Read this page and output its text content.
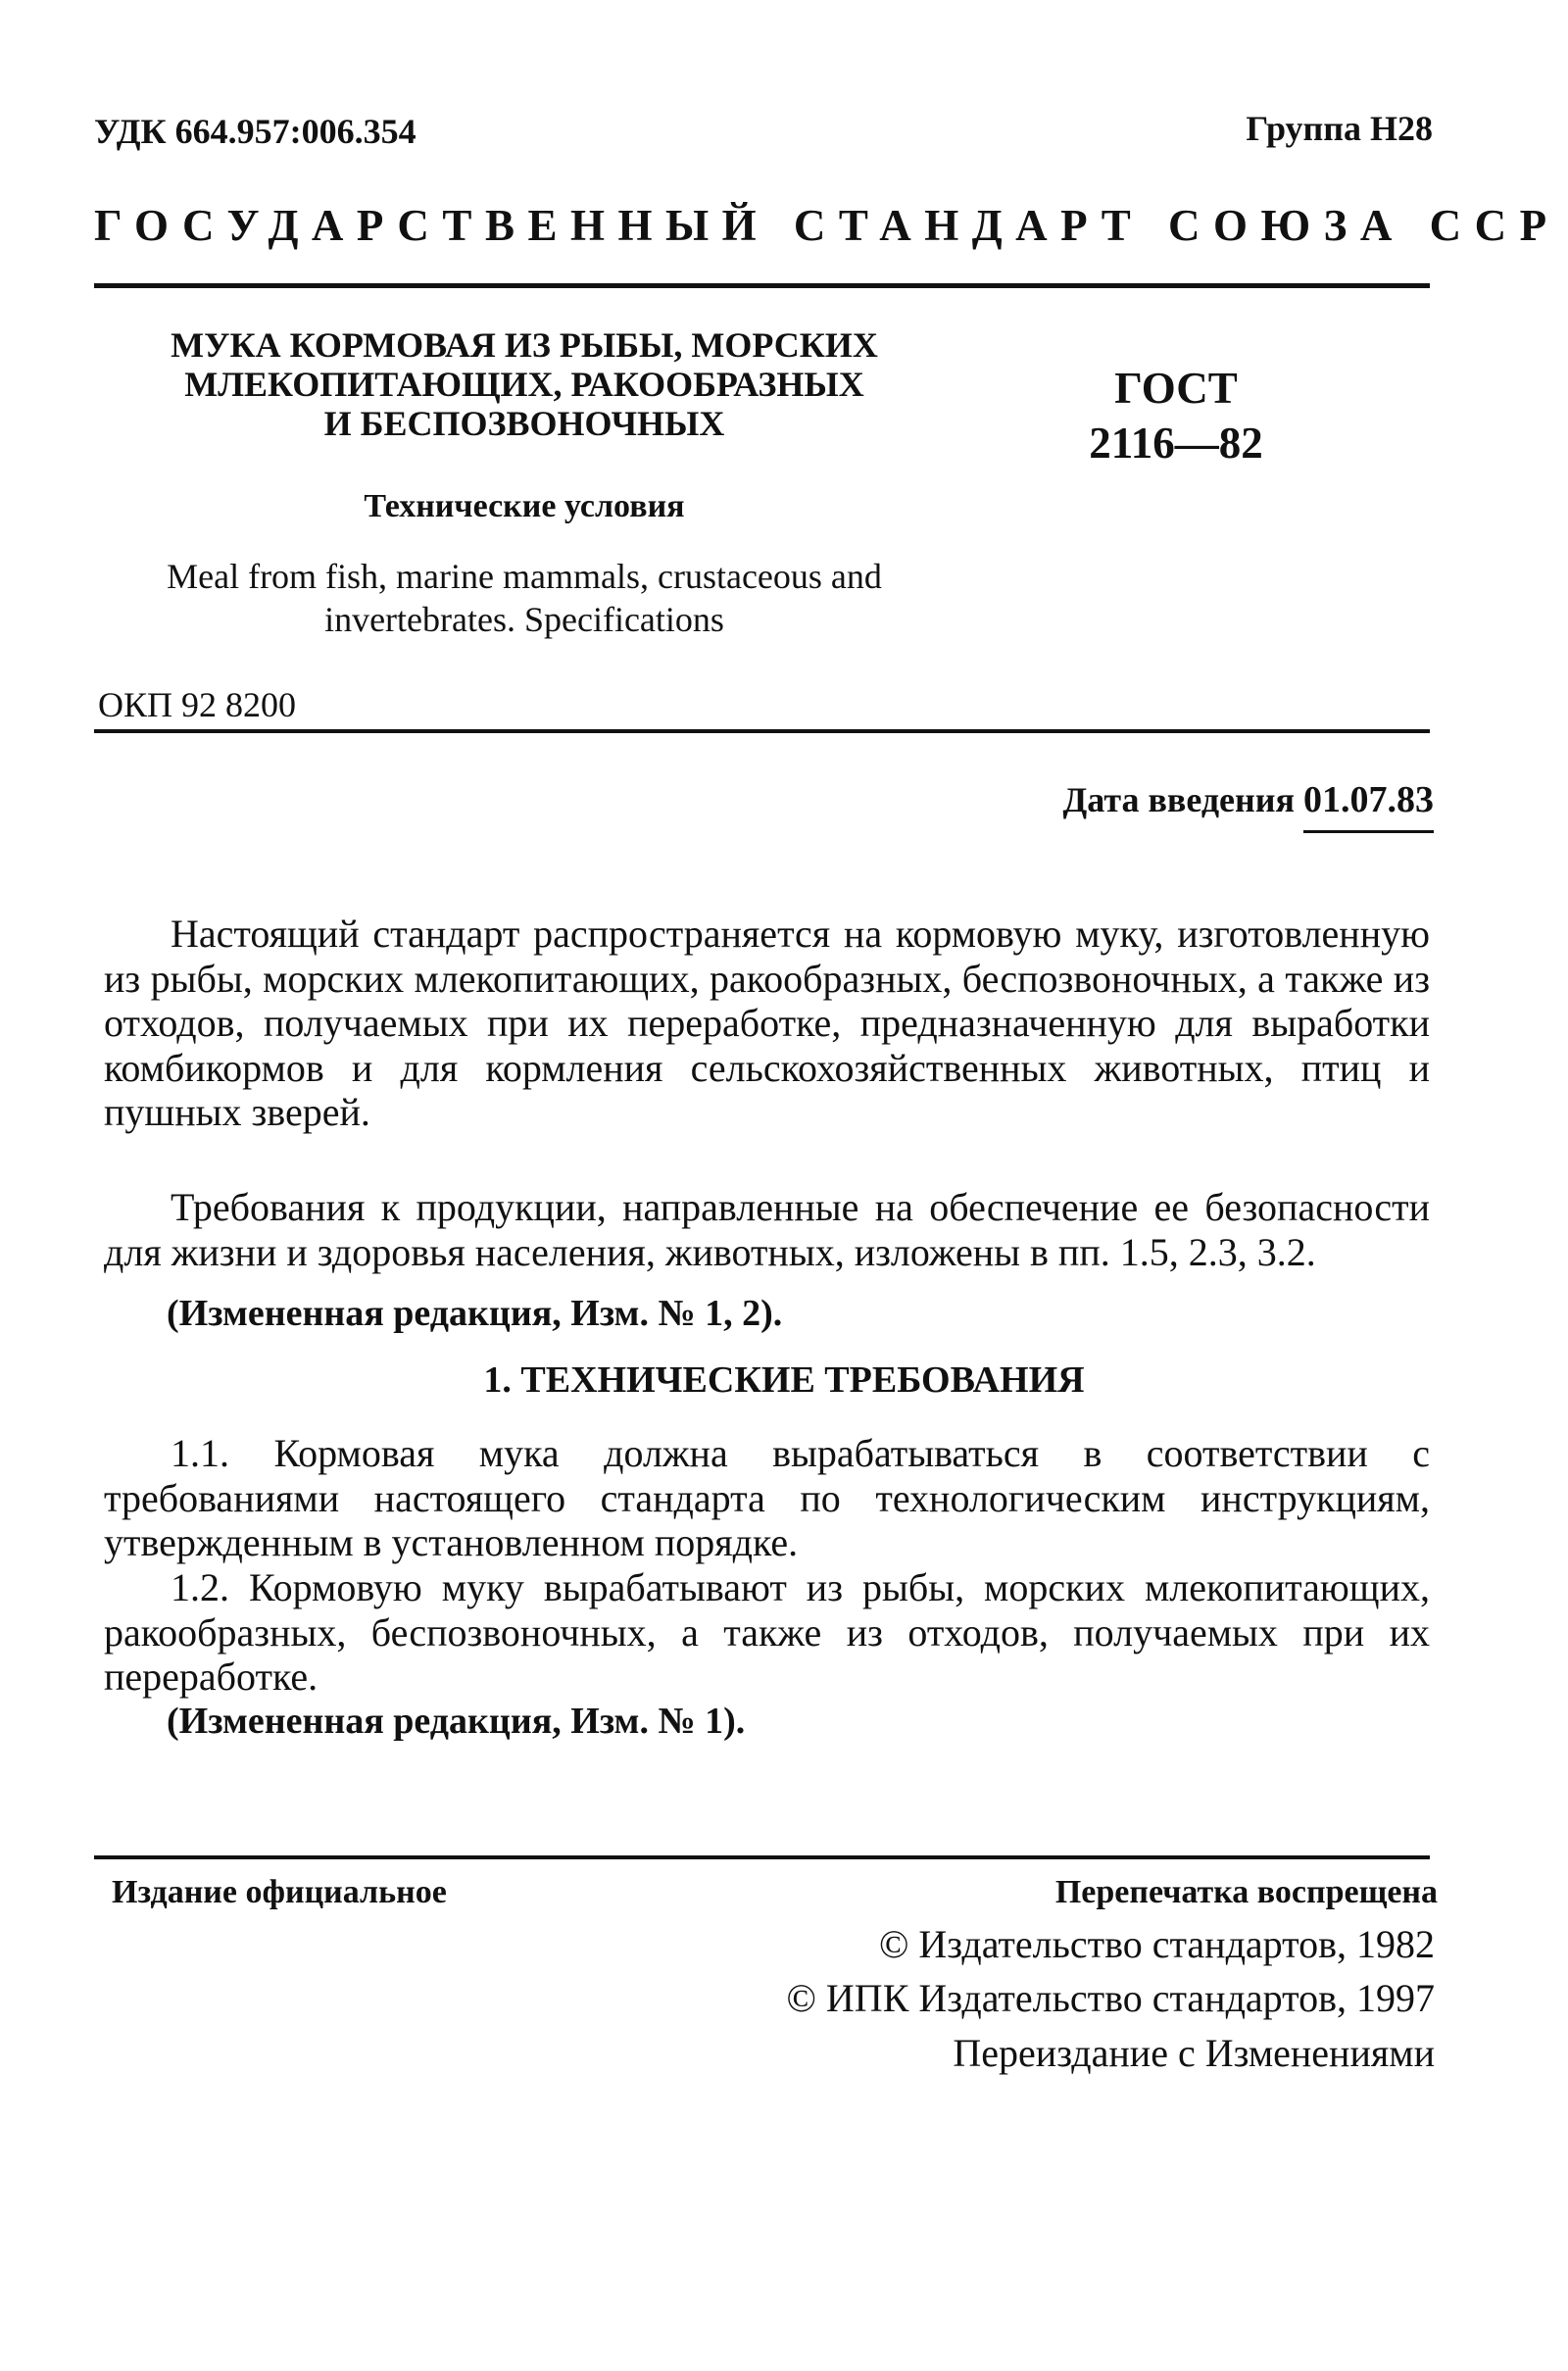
УДК 664.957:006.354	Группа Н28
ГОСУДАРСТВЕННЫЙ СТАНДАРТ СОЮЗА ССР
МУКА КОРМОВАЯ ИЗ РЫБЫ, МОРСКИХ
МЛЕКОПИТАЮЩИХ, РАКООБРАЗНЫХ
И БЕСПОЗВОНОЧНЫХ
ГОСТ
2116—82
Технические условия
Meal from fish, marine mammals, crustaceous and
invertebrates. Specifications
ОКП 92 8200
Дата введения 01.07.83
Настоящий стандарт распространяется на кормовую муку, изготовленную из рыбы, морских млекопитающих, ракообразных, беспозвоночных, а также из отходов, получаемых при их переработке, предназначенную для выработки комбикормов и для кормления сельскохозяйственных животных, птиц и пушных зверей.
Требования к продукции, направленные на обеспечение ее безопасности для жизни и здоровья населения, животных, изложены в пп. 1.5, 2.3, 3.2.
(Измененная редакция, Изм. № 1, 2).
1. ТЕХНИЧЕСКИЕ ТРЕБОВАНИЯ
1.1. Кормовая мука должна вырабатываться в соответствии с требованиями настоящего стандарта по технологическим инструкциям, утвержденным в установленном порядке.
1.2. Кормовую муку вырабатывают из рыбы, морских млекопитающих, ракообразных, беспозвоночных, а также из отходов, получаемых при их переработке.
(Измененная редакция, Изм. № 1).
Издание официальное	Перепечатка воспрещена
© Издательство стандартов, 1982
© ИПК Издательство стандартов, 1997
Переиздание с Изменениями
